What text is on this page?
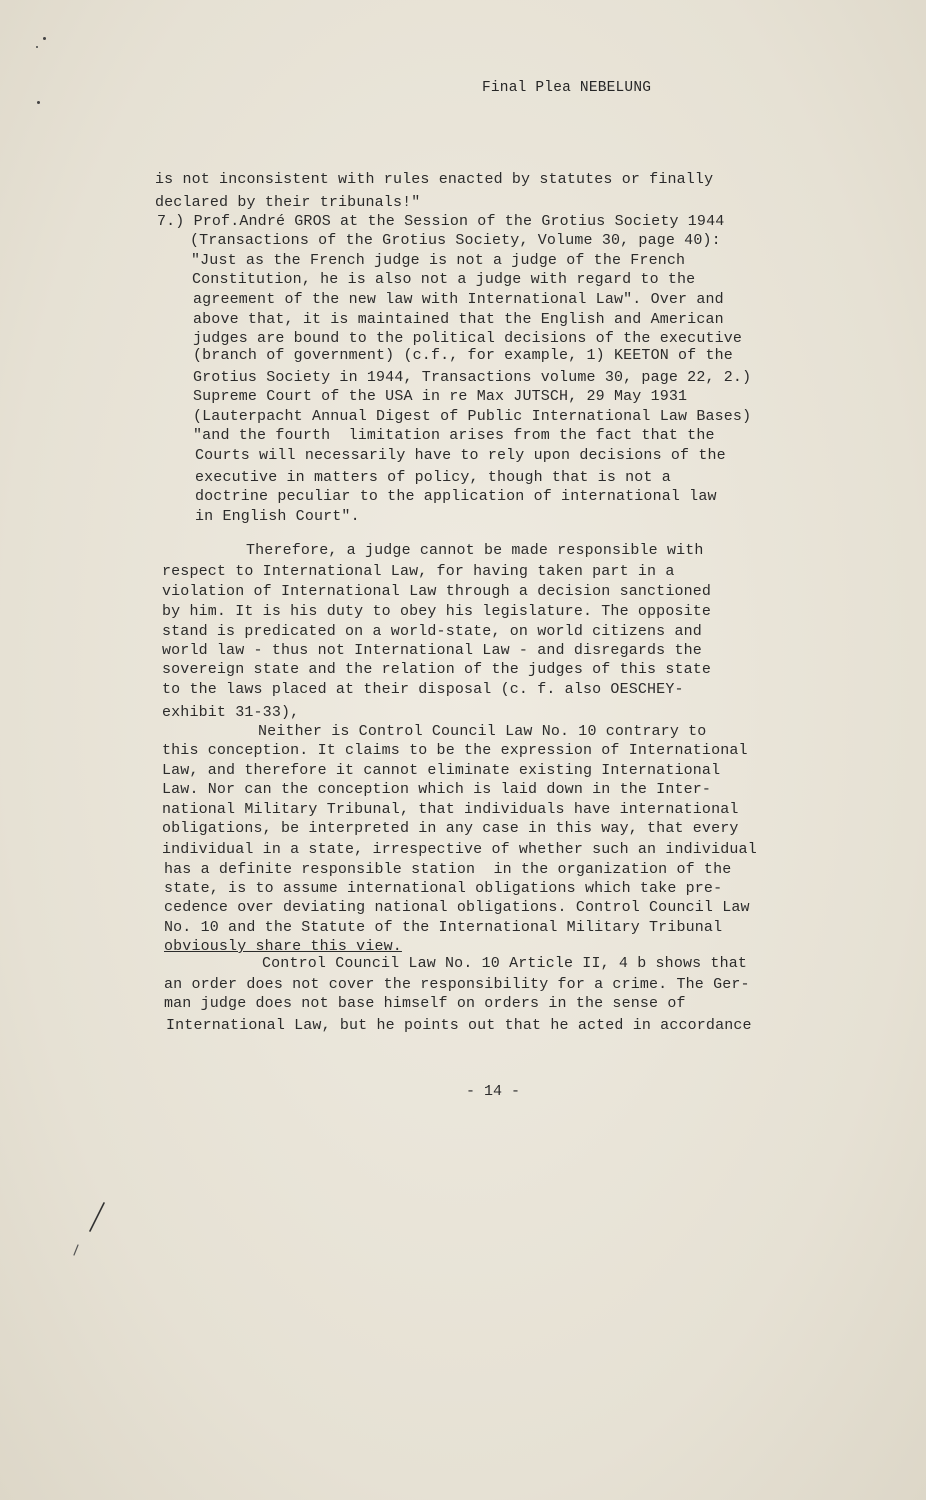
Final Plea NEBELUNG
is not inconsistent with rules enacted by statutes or finally
declared by their tribunals!"
7.) Prof.André GROS at the Session of the Grotius Society 1944
(Transactions of the Grotius Society, Volume 30, page 40):
"Just as the French judge is not a judge of the French
Constitution, he is also not a judge with regard to the
agreement of the new law with International Law". Over and
above that, it is maintained that the English and American
judges are bound to the political decisions of the executive
(branch of government) (c.f., for example, 1) KEETON of the
Grotius Society in 1944, Transactions volume 30, page 22, 2.)
Supreme Court of the USA in re Max JUTSCH, 29 May 1931
(Lauterpacht Annual Digest of Public International Law Bases)
"and the fourth  limitation arises from the fact that the
Courts will necessarily have to rely upon decisions of the
executive in matters of policy, though that is not a
doctrine peculiar to the application of international law
in English Court".
Therefore, a judge cannot be made responsible with
respect to International Law, for having taken part in a
violation of International Law through a decision sanctioned
by him. It is his duty to obey his legislature. The opposite
stand is predicated on a world-state, on world citizens and
world law - thus not International Law - and disregards the
sovereign state and the relation of the judges of this state
to the laws placed at their disposal (c. f. also OESCHEY-
exhibit 31-33),
Neither is Control Council Law No. 10 contrary to
this conception. It claims to be the expression of International
Law, and therefore it cannot eliminate existing International
Law. Nor can the conception which is laid down in the Inter-
national Military Tribunal, that individuals have international
obligations, be interpreted in any case in this way, that every
individual in a state, irrespective of whether such an individual
has a definite responsible station  in the organization of the
state, is to assume international obligations which take pre-
cedence over deviating national obligations. Control Council Law
No. 10 and the Statute of the International Military Tribunal
obviously share this view.
Control Council Law No. 10 Article II, 4 b shows that
an order does not cover the responsibility for a crime. The Ger-
man judge does not base himself on orders in the sense of
International Law, but he points out that he acted in accordance
- 14 -
